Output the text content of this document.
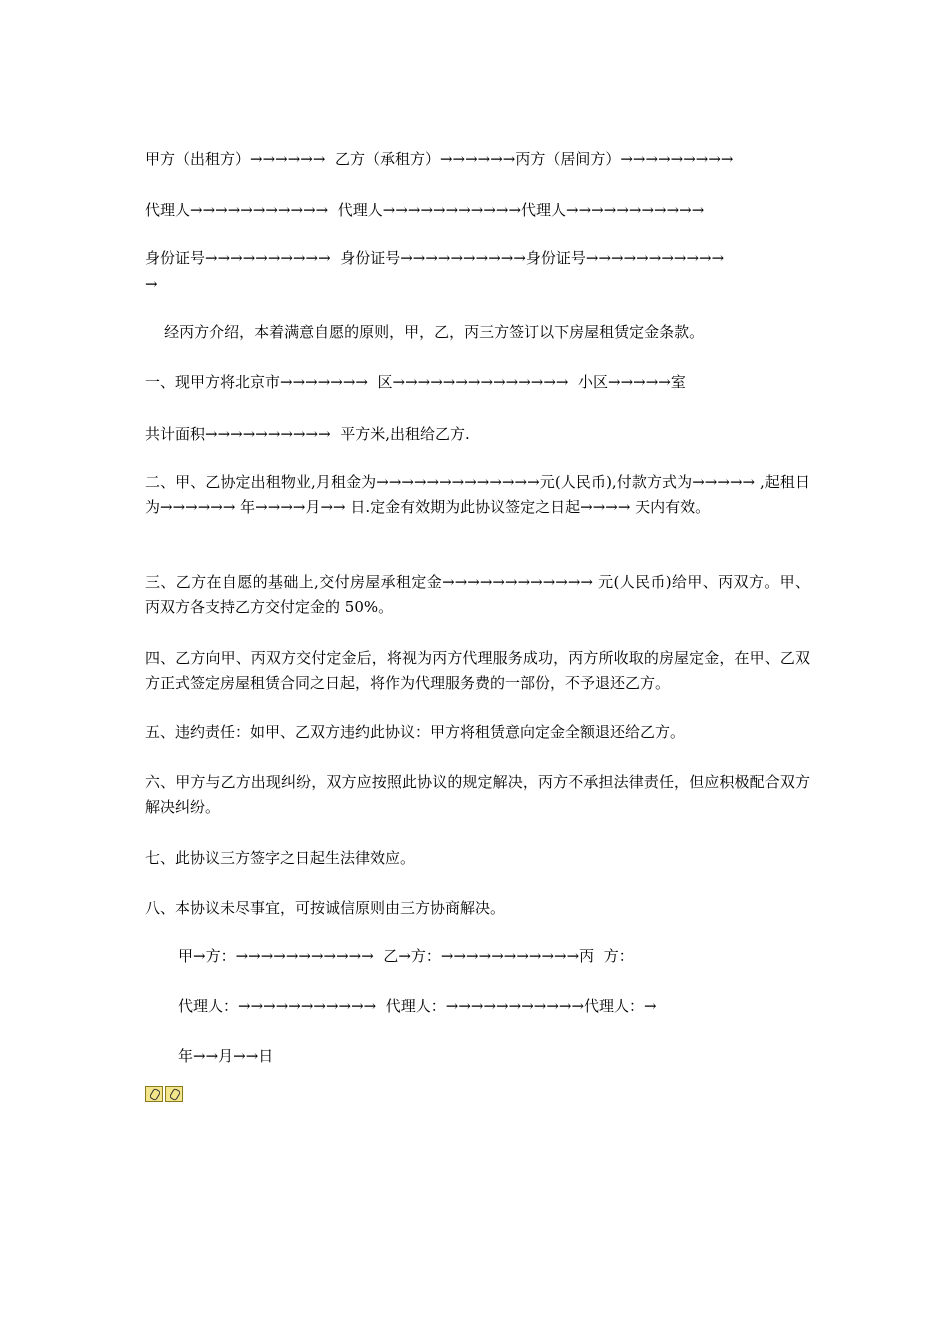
甲方（出租方）→→→→→→  乙方（承租方）→→→→→→丙方（居间方）→→→→→→→→→
代理人→→→→→→→→→→→  代理人→→→→→→→→→→→代理人→→→→→→→→→→→
身份证号→→→→→→→→→→  身份证号→→→→→→→→→→身份证号→→→→→→→→→→→
→
经丙方介绍，本着满意自愿的原则，甲，乙，丙三方签订以下房屋租赁定金条款。
一、现甲方将北京市→→→→→→→  区→→→→→→→→→→→→→→  小区→→→→→室
共计面积→→→→→→→→→→  平方米,出租给乙方.
二、甲、乙协定出租物业,月租金为→→→→→→→→→→→→→元(人民币),付款方式为→→→→→ ,起租日为→→→→→→ 年→→→→月→→ 日.定金有效期为此协议签定之日起→→→→ 天内有效。
三、乙方在自愿的基础上,交付房屋承租定金→→→→→→→→→→→→ 元(人民币)给甲、丙双方。甲、丙双方各支持乙方交付定金的 50%。
四、乙方向甲、丙双方交付定金后，将视为丙方代理服务成功，丙方所收取的房屋定金，在甲、乙双方正式签定房屋租赁合同之日起，将作为代理服务费的一部份，不予退还乙方。
五、违约责任：如甲、乙双方违约此协议：甲方将租赁意向定金全额退还给乙方。
六、甲方与乙方出现纠纷，双方应按照此协议的规定解决，丙方不承担法律责任，但应积极配合双方解决纠纷。
七、此协议三方签字之日起生法律效应。
八、本协议未尽事宜，可按诚信原则由三方协商解决。
甲→方：→→→→→→→→→→→  乙→方：→→→→→→→→→→→丙  方：
代理人：→→→→→→→→→→→  代理人：→→→→→→→→→→→代理人：→
年→→月→→日
